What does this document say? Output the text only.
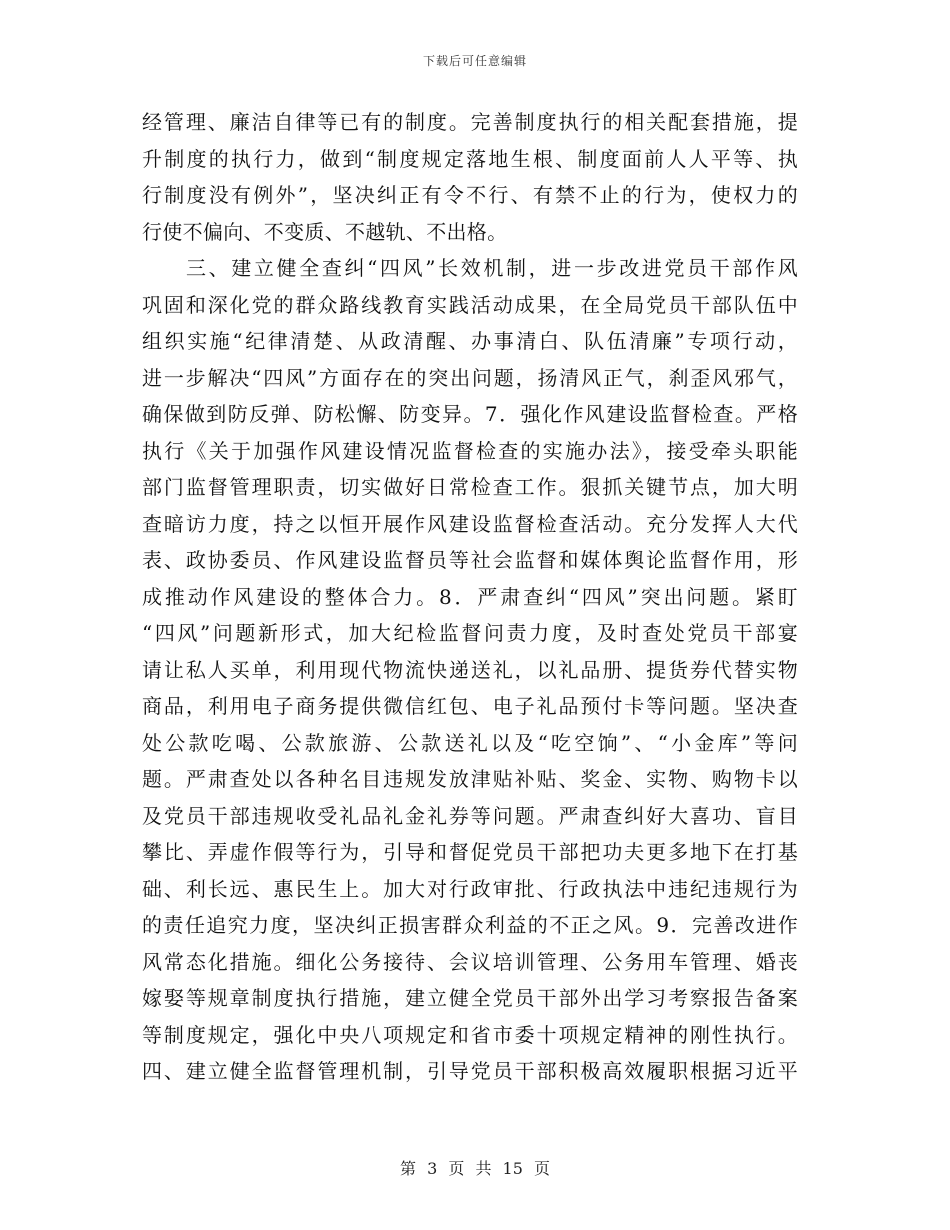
下载后可任意编辑
经管理、廉洁自律等已有的制度。完善制度执行的相关配套措施，提
升制度的执行力，做到“制度规定落地生根、制度面前人人平等、执
行制度没有例外”，坚决纠正有令不行、有禁不止的行为，使权力的
行使不偏向、不变质、不越轨、不出格。
三、建立健全查纠“四风”长效机制，进一步改进党员干部作风
巩固和深化党的群众路线教育实践活动成果，在全局党员干部队伍中
组织实施“纪律清楚、从政清醒、办事清白、队伍清廉”专项行动，
进一步解决“四风”方面存在的突出问题，扬清风正气，刹歪风邪气，
确保做到防反弹、防松懈、防变异。7．强化作风建设监督检查。严格
执行《关于加强作风建设情况监督检查的实施办法》，接受牵头职能
部门监督管理职责，切实做好日常检查工作。狠抓关键节点，加大明
查暗访力度，持之以恒开展作风建设监督检查活动。充分发挥人大代
表、政协委员、作风建设监督员等社会监督和媒体舆论监督作用，形
成推动作风建设的整体合力。8．严肃查纠“四风”突出问题。紧盯
“四风”问题新形式，加大纪检监督问责力度，及时查处党员干部宴
请让私人买单，利用现代物流快递送礼，以礼品册、提货券代替实物
商品，利用电子商务提供微信红包、电子礼品预付卡等问题。坚决查
处公款吃喝、公款旅游、公款送礼以及“吃空饷”、“小金库”等问
题。严肃查处以各种名目违规发放津贴补贴、奖金、实物、购物卡以
及党员干部违规收受礼品礼金礼券等问题。严肃查纠好大喜功、盲目
攀比、弄虚作假等行为，引导和督促党员干部把功夫更多地下在打基
础、利长远、惠民生上。加大对行政审批、行政执法中违纪违规行为
的责任追究力度，坚决纠正损害群众利益的不正之风。9．完善改进作
风常态化措施。细化公务接待、会议培训管理、公务用车管理、婚丧
嫁娶等规章制度执行措施，建立健全党员干部外出学习考察报告备案
等制度规定，强化中央八项规定和省市委十项规定精神的刚性执行。
四、建立健全监督管理机制，引导党员干部积极高效履职根据习近平
第 3 页 共 15 页
